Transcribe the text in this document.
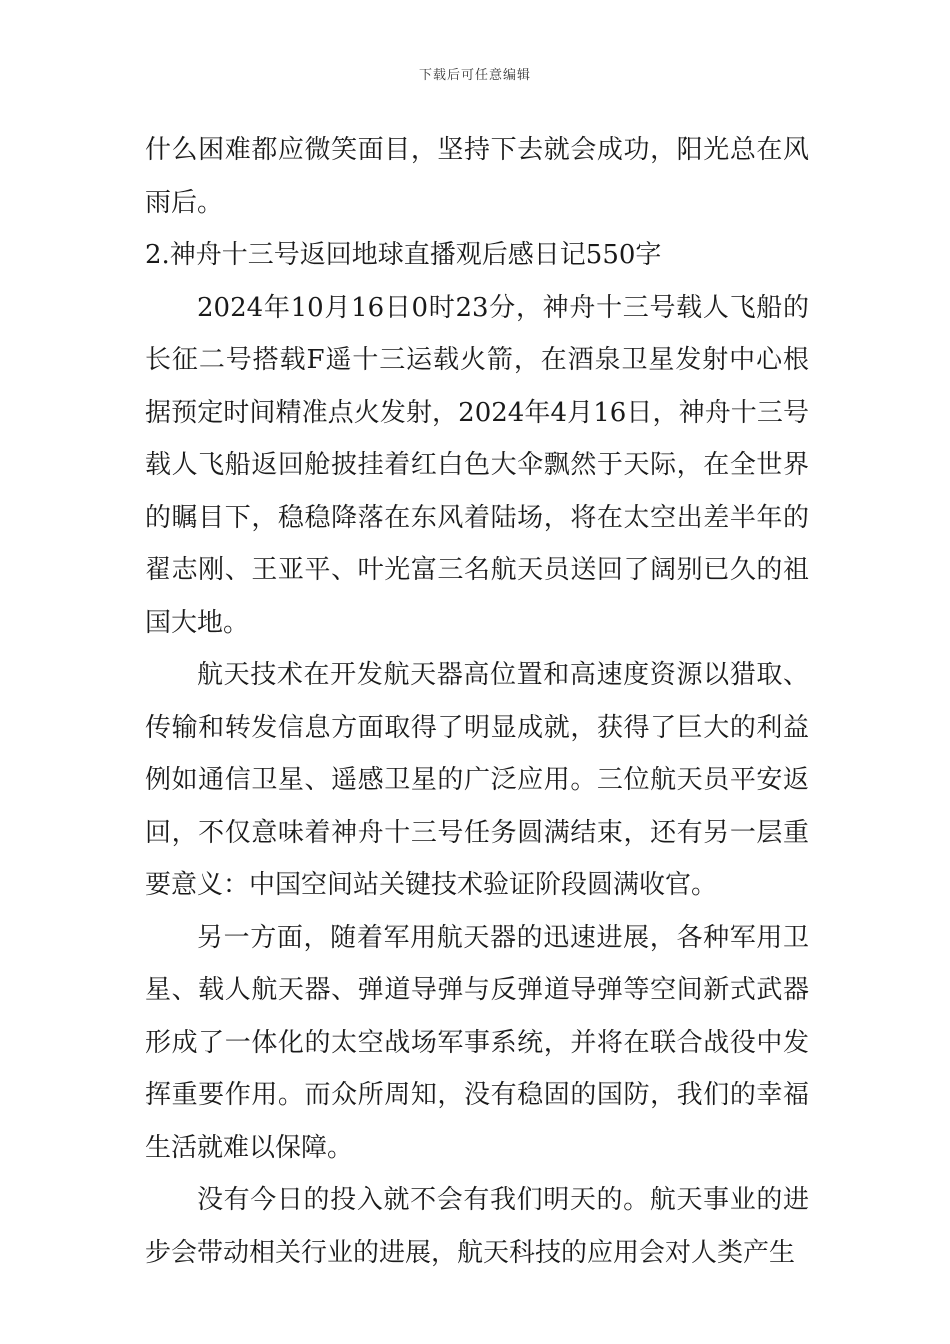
下载后可任意编辑

什么困难都应微笑面目，坚持下去就会成功，阳光总在风雨后。

2.神舟十三号返回地球直播观后感日记550字

2024年10月16日0时23分，神舟十三号载人飞船的长征二号搭载F遥十三运载火箭，在酒泉卫星发射中心根据预定时间精准点火发射，2024年4月16日，神舟十三号载人飞船返回舱披挂着红白色大伞飘然于天际，在全世界的瞩目下，稳稳降落在东风着陆场，将在太空出差半年的翟志刚、王亚平、叶光富三名航天员送回了阔别已久的祖国大地。

航天技术在开发航天器高位置和高速度资源以猎取、传输和转发信息方面取得了明显成就，获得了巨大的利益例如通信卫星、遥感卫星的广泛应用。三位航天员平安返回，不仅意味着神舟十三号任务圆满结束，还有另一层重要意义：中国空间站关键技术验证阶段圆满收官。

另一方面，随着军用航天器的迅速进展，各种军用卫星、载人航天器、弹道导弹与反弹道导弹等空间新式武器形成了一体化的太空战场军事系统，并将在联合战役中发挥重要作用。而众所周知，没有稳固的国防，我们的幸福生活就难以保障。

没有今日的投入就不会有我们明天的。航天事业的进步会带动相关行业的进展，航天科技的应用会对人类产生
